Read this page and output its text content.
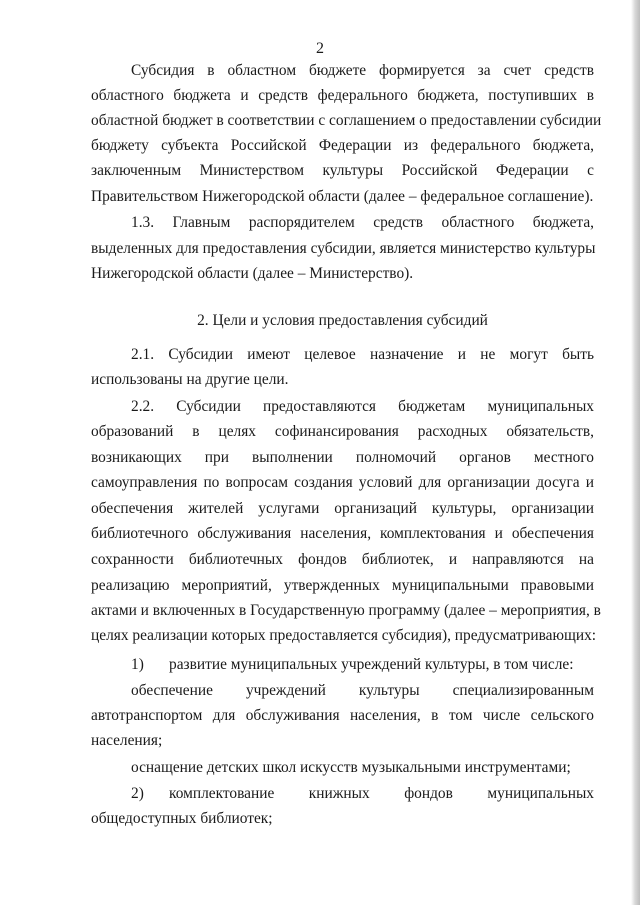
2
Субсидия в областном бюджете формируется за счет средств
областного бюджета и средств федерального бюджета, поступивших в
областной бюджет в соответствии с соглашением о предоставлении субсидии
бюджету субъекта Российской Федерации из федерального бюджета,
заключенным Министерством культуры Российской Федерации с
Правительством Нижегородской области (далее – федеральное соглашение).
1.3. Главным распорядителем средств областного бюджета,
выделенных для предоставления субсидии, является министерство культуры
Нижегородской области (далее – Министерство).
2. Цели и условия предоставления субсидий
2.1. Субсидии имеют целевое назначение и не могут быть
использованы на другие цели.
2.2. Субсидии предоставляются бюджетам муниципальных
образований в целях софинансирования расходных обязательств,
возникающих при выполнении полномочий органов местного
самоуправления по вопросам создания условий для организации досуга и
обеспечения жителей услугами организаций культуры, организации
библиотечного обслуживания населения, комплектования и обеспечения
сохранности библиотечных фондов библиотек, и направляются на
реализацию мероприятий, утвержденных муниципальными правовыми
актами и включенных в Государственную программу (далее – мероприятия, в
целях реализации которых предоставляется субсидия), предусматривающих:
1) развитие муниципальных учреждений культуры, в том числе:
обеспечение учреждений культуры специализированным
автотранспортом для обслуживания населения, в том числе сельского
населения;
оснащение детских школ искусств музыкальными инструментами;
2)	комплектование книжных фондов муниципальных
общедоступных библиотек;
